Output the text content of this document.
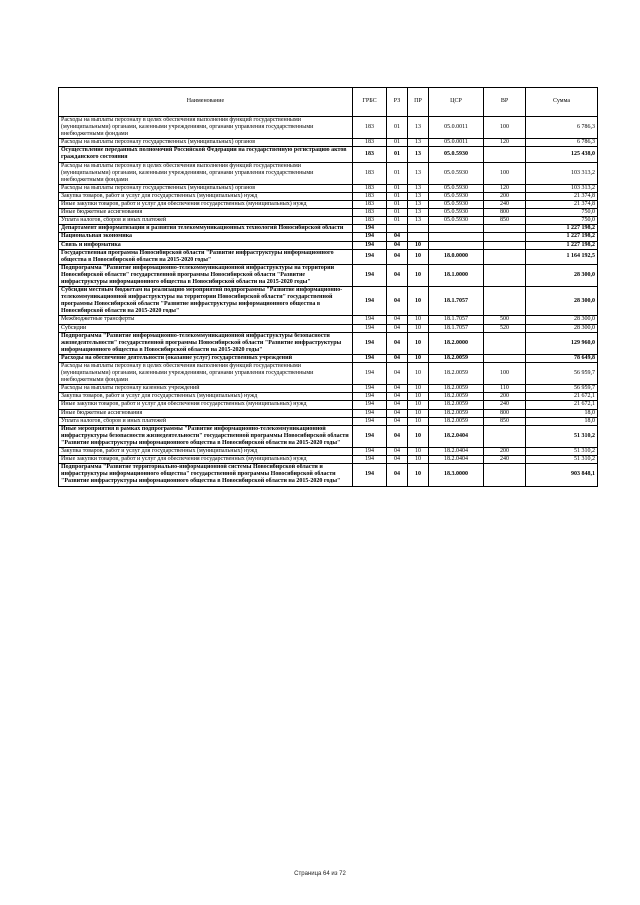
Наименование	ГРБС	РЗ	ПР	ЦСР	ВР	Сумма
Расходы на выплаты персоналу в целях обеспечения выполнения функций государственными (муниципальными) органами, казенными учреждениями, органами управления государственными внебюджетными фондами	183	01	13	05.0.0011	100	6 786,3
Расходы на выплаты персоналу государственных (муниципальных) органов	183	01	13	05.0.0011	120	6 786,3
Осуществление переданных полномочий Российской Федерации на государственную регистрацию актов гражданского состояния	183	01	13	05.0.5930		125 438,0
Расходы на выплаты персоналу в целях обеспечения выполнения функций государственными (муниципальными) органами, казенными учреждениями, органами управления государственными внебюджетными фондами	183	01	13	05.0.5930	100	103 313,2
Расходы на выплаты персоналу государственных (муниципальных) органов	183	01	13	05.0.5930	120	103 313,2
Закупка товаров, работ и услуг для государственных (муниципальных) нужд	183	01	13	05.0.5930	200	21 374,8
Иные закупки товаров, работ и услуг для обеспечения государственных (муниципальных) нужд	183	01	13	05.0.5930	240	21 374,8
Иные бюджетные ассигнования	183	01	13	05.0.5930	800	750,0
Уплата налогов, сборов и иных платежей	183	01	13	05.0.5930	850	750,0
Департамент информатизации и развития телекоммуникационных технологий Новосибирской области	194					1 227 198,2
Национальная экономика	194	04				1 227 198,2
Связь и информатика	194	04	10			1 227 198,2
Государственная программа Новосибирской области "Развитие инфраструктуры информационного общества в Новосибирской области на 2015-2020 годы"	194	04	10	18.0.0000		1 164 192,5
Подпрограмма "Развитие информационно-телекоммуникационной инфраструктуры на территории Новосибирской области" государственной программы Новосибирской области "Развитие инфраструктуры информационного общества в Новосибирской области на 2015-2020 годы"	194	04	10	18.1.0000		28 300,0
Субсидии местным бюджетам на реализацию мероприятий подпрограммы "Развитие информационно-телекоммуникационной инфраструктуры на территории Новосибирской области" государственной программы Новосибирской области "Развитие инфраструктуры информационного общества в Новосибирской области на 2015-2020 годы"	194	04	10	18.1.7057		28 300,0
Межбюджетные трансферты	194	04	10	18.1.7057	500	28 300,0
Субсидии	194	04	10	18.1.7057	520	28 300,0
Подпрограмма "Развитие информационно-телекоммуникационной инфраструктуры безопасности жизнедеятельности" государственной программы Новосибирской области "Развитие инфраструктуры информационного общества в Новосибирской области на 2015-2020 годы"	194	04	10	18.2.0000		129 960,0
Расходы на обеспечение деятельности (оказание услуг) государственных учреждений	194	04	10	18.2.0059		78 649,8
Расходы на выплаты персоналу в целях обеспечения выполнения функций государственными (муниципальными) органами, казенными учреждениями, органами управления государственными внебюджетными фондами	194	04	10	18.2.0059	100	56 959,7
Расходы на выплаты персоналу казенных учреждений	194	04	10	18.2.0059	110	56 959,7
Закупка товаров, работ и услуг для государственных (муниципальных) нужд	194	04	10	18.2.0059	200	21 672,1
Иные закупки товаров, работ и услуг для обеспечения государственных (муниципальных) нужд	194	04	10	18.2.0059	240	21 672,1
Иные бюджетные ассигнования	194	04	10	18.2.0059	800	18,0
Уплата налогов, сборов и иных платежей	194	04	10	18.2.0059	850	18,0
Иные мероприятия в рамках подпрограммы "Развитие информационно-телекоммуникационной инфраструктуры безопасности жизнедеятельности" государственной программы Новосибирской области "Развитие инфраструктуры информационного общества в Новосибирской области на 2015-2020 годы"	194	04	10	18.2.0404		51 310,2
Закупка товаров, работ и услуг для государственных (муниципальных) нужд	194	04	10	18.2.0404	200	51 310,2
Иные закупки товаров, работ и услуг для обеспечения государственных (муниципальных) нужд	194	04	10	18.2.0404	240	51 310,2
Подпрограмма "Развитие территориально-информационной системы Новосибирской области и инфраструктуры информационного общества" государственной программы Новосибирской области "Развитие инфраструктуры информационного общества в Новосибирской области на 2015-2020 годы"	194	04	10	18.3.0000		903 848,1
Страница 64 из 72
